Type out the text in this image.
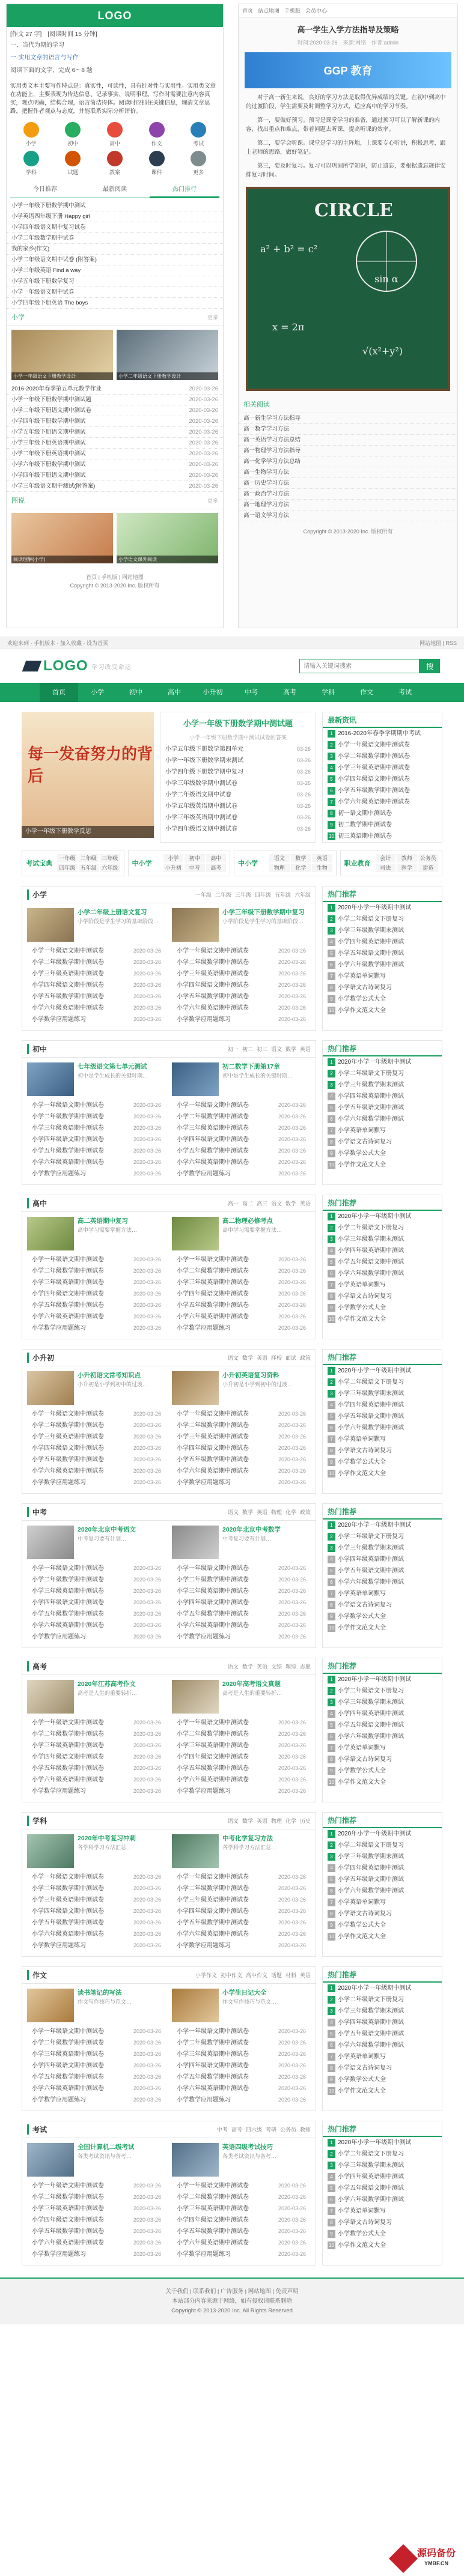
LOGO
[作文 27 字]　[阅读时间 15 分钟]
一、当代为期的学习
一·实用文章的语言与写作
阅读下面的文字，完成 6～8 题
实用类文本主要写作特点是：真实性，可读性，具有针对性与实用性。实用类文章在功能上，主要表现为传达信息、记录事实、说明事理。写作时需要注意内容真实，观点明确，结构合理，语言简洁得体。阅读时应抓住关键信息，理清文章思路，把握作者观点与态度，并能联系实际分析评价。
小学	初中	高中	作文	考试
学科	试题	教案	课件	更多
今日推荐	最新阅读	热门排行
小学一年级下册数学期中测试
小学英语四年级下册 Happy girl
小学四年级语文期中复习试卷
小学二年级数学期中试卷
我的家乡(作文)
小学二年级语文期中试卷 (附答案)
小学三年级英语 Find a way
小学五年级下册数学复习
小学一年级语文期中试卷
小学四年级下册英语 The boys
小学	更多
小学一年级语文下册教学设计	小学二年级语文下册教学设计
2016-2020年春季第五单元数学作业	2020-03-26
小学一年级下册数学期中测试题	2020-03-26
小学二年级下册语文期中测试卷	2020-03-26
小学四年级下册数学期中测试	2020-03-26
小学五年级下册语文期中测试	2020-03-26
小学三年级下册英语期中测试	2020-03-26
小学二年级下册英语期中测试	2020-03-26
小学六年级下册数学期中测试	2020-03-26
小学四年级下册语文期中测试	2020-03-26
小学三年级语文期中测试(附答案)	2020-03-26
图说	更多
阅读理解(小学)	小学语文课外阅读
首页 | 手机版 | 网站地图
Copyright © 2013-2020 Inc. 版权所有
首页 站点地图 手机版 会员中心
高一学生入学方法指导及策略
时间:2020-03-26　来源:网络　作者:admin
GGP 教育

对于高一新生来说，良好的学习方法是取得优异成绩的关键。在初中到高中的过渡阶段，学生需要及时调整学习方式，适应高中的学习节奏。

第一，要做好预习。预习是课堂学习的准备，通过预习可以了解新课的内容，找出重点和难点，带着问题去听课，提高听课的效率。

第二，要学会听课。课堂是学习的主阵地，上课要专心听讲，积极思考，跟上老师的思路，做好笔记。

第三，要及时复习。复习可以巩固所学知识，防止遗忘，要根据遗忘规律安排复习时间。

CIRCLE
a² + b² = c²
sin α
x = 2π
√(x²+y²)
相关阅读
高一新生学习方法指导
高一数学学习方法
高一英语学习方法总结
高一物理学习方法指导
高一化学学习方法总结
高一生物学习方法
高一历史学习方法
高一政治学习方法
高一地理学习方法
高一语文学习方法
Copyright © 2013-2020 Inc. 版权所有
欢迎来到 · 手机版本 · 加入收藏 · 设为首页	网站地图 | RSS
LOGO 学习改变命运
请输入关键词搜索	搜
首页	小学	初中	高中	小升初	中考	高考	学科	作文	考试
每一发奋努力的背后
小学一年级下册教学反思
小学一年级下册数学期中测试题
小学一年级下册数学期中测试试卷附答案
小学五年级下册数学第四单元	03-26
小学一年级下册数学期末测试	03-26
小学四年级下册数学期中复习	03-26
小学三年级数学期中测试卷	03-26
小学二年级语文期中试卷	03-26
小学五年级英语期中测试卷	03-26
小学三年级英语期中测试卷	03-26
小学四年级语文期中测试卷	03-26
最新资讯
1 2016-2020年春季学期期中考试
2 小学一年级语文期中测试卷
3 小学二年级数学期中测试卷
4 小学三年级英语期中测试卷
5 小学四年级语文期中测试卷
6 小学五年级数学期中测试卷
7 小学六年级英语期中测试卷
8 初一语文期中测试卷
9 初二数学期中测试卷
10 初三英语期中测试卷
考试宝典
一年级 二年级 三年级
四年级 五年级 六年级
中小学
小学	初中	高中
小升初	中考	高考
中小学
语文	数学	英语
物理	化学	生物
职业教育
会计	教师	公务员
司法	医学	建造
小学	一年级 二年级 三年级 四年级 五年级 六年级
小学二年级上册语文复习
小学阶段是学生学习的基础阶段…
小学一年级语文期中测试卷	2020-03-26
小学二年级数学期中测试卷	2020-03-26
小学三年级英语期中测试卷	2020-03-26
小学四年级语文期中测试卷	2020-03-26
小学五年级数学期中测试卷	2020-03-26
小学六年级英语期中测试卷	2020-03-26
小学数学应用题练习	2020-03-26
小学三年级下册数学期中复习
小学阶段是学生学习的基础阶段…
小学一年级语文期中测试卷	2020-03-26
小学二年级数学期中测试卷	2020-03-26
小学三年级英语期中测试卷	2020-03-26
小学四年级语文期中测试卷	2020-03-26
小学五年级数学期中测试卷	2020-03-26
小学六年级英语期中测试卷	2020-03-26
小学数学应用题练习	2020-03-26
热门推荐
1 2020年小学一年级期中测试
2 小学二年级语文下册复习
3 小学三年级数学期末测试
4 小学四年级英语期中测试
5 小学五年级语文期中测试
6 小学六年级数学期中测试
7 小学英语单词默写
8 小学语文古诗词复习
9 小学数学公式大全
10 小学作文范文大全
初中	初一 初二 初三 语文 数学 英语
七年级语文第七单元测试
初中是学生成长的关键时期…
小学一年级语文期中测试卷	2020-03-26
小学二年级数学期中测试卷	2020-03-26
小学三年级英语期中测试卷	2020-03-26
小学四年级语文期中测试卷	2020-03-26
小学五年级数学期中测试卷	2020-03-26
小学六年级英语期中测试卷	2020-03-26
小学数学应用题练习	2020-03-26
初二数学下册第17章
初中是学生成长的关键时期…
小学一年级语文期中测试卷	2020-03-26
小学二年级数学期中测试卷	2020-03-26
小学三年级英语期中测试卷	2020-03-26
小学四年级语文期中测试卷	2020-03-26
小学五年级数学期中测试卷	2020-03-26
小学六年级英语期中测试卷	2020-03-26
小学数学应用题练习	2020-03-26
热门推荐
1 2020年小学一年级期中测试
2 小学二年级语文下册复习
3 小学三年级数学期末测试
4 小学四年级英语期中测试
5 小学五年级语文期中测试
6 小学六年级数学期中测试
7 小学英语单词默写
8 小学语文古诗词复习
9 小学数学公式大全
10 小学作文范文大全
高中	高一 高二 高三 语文 数学 英语
高二英语期中复习
高中学习需要掌握方法…
小学一年级语文期中测试卷	2020-03-26
小学二年级数学期中测试卷	2020-03-26
小学三年级英语期中测试卷	2020-03-26
小学四年级语文期中测试卷	2020-03-26
小学五年级数学期中测试卷	2020-03-26
小学六年级英语期中测试卷	2020-03-26
小学数学应用题练习	2020-03-26
高二物理必修考点
高中学习需要掌握方法…
小学一年级语文期中测试卷	2020-03-26
小学二年级数学期中测试卷	2020-03-26
小学三年级英语期中测试卷	2020-03-26
小学四年级语文期中测试卷	2020-03-26
小学五年级数学期中测试卷	2020-03-26
小学六年级英语期中测试卷	2020-03-26
小学数学应用题练习	2020-03-26
热门推荐
1 2020年小学一年级期中测试
2 小学二年级语文下册复习
3 小学三年级数学期末测试
4 小学四年级英语期中测试
5 小学五年级语文期中测试
6 小学六年级数学期中测试
7 小学英语单词默写
8 小学语文古诗词复习
9 小学数学公式大全
10 小学作文范文大全
小升初	语文 数学 英语 择校 面试 政策
小升初语文常考知识点
小升初是小学到初中的过渡…
小学一年级语文期中测试卷	2020-03-26
小学二年级数学期中测试卷	2020-03-26
小学三年级英语期中测试卷	2020-03-26
小学四年级语文期中测试卷	2020-03-26
小学五年级数学期中测试卷	2020-03-26
小学六年级英语期中测试卷	2020-03-26
小学数学应用题练习	2020-03-26
小升初英语复习资料
小升初是小学到初中的过渡…
小学一年级语文期中测试卷	2020-03-26
小学二年级数学期中测试卷	2020-03-26
小学三年级英语期中测试卷	2020-03-26
小学四年级语文期中测试卷	2020-03-26
小学五年级数学期中测试卷	2020-03-26
小学六年级英语期中测试卷	2020-03-26
小学数学应用题练习	2020-03-26
热门推荐
1 2020年小学一年级期中测试
2 小学二年级语文下册复习
3 小学三年级数学期末测试
4 小学四年级英语期中测试
5 小学五年级语文期中测试
6 小学六年级数学期中测试
7 小学英语单词默写
8 小学语文古诗词复习
9 小学数学公式大全
10 小学作文范文大全
中考	语文 数学 英语 物理 化学 政策
2020年北京中考语文
中考复习要有计划…
小学一年级语文期中测试卷	2020-03-26
小学二年级数学期中测试卷	2020-03-26
小学三年级英语期中测试卷	2020-03-26
小学四年级语文期中测试卷	2020-03-26
小学五年级数学期中测试卷	2020-03-26
小学六年级英语期中测试卷	2020-03-26
小学数学应用题练习	2020-03-26
2020年北京中考数学
中考复习要有计划…
小学一年级语文期中测试卷	2020-03-26
小学二年级数学期中测试卷	2020-03-26
小学三年级英语期中测试卷	2020-03-26
小学四年级语文期中测试卷	2020-03-26
小学五年级数学期中测试卷	2020-03-26
小学六年级英语期中测试卷	2020-03-26
小学数学应用题练习	2020-03-26
热门推荐
1 2020年小学一年级期中测试
2 小学二年级语文下册复习
3 小学三年级数学期末测试
4 小学四年级英语期中测试
5 小学五年级语文期中测试
6 小学六年级数学期中测试
7 小学英语单词默写
8 小学语文古诗词复习
9 小学数学公式大全
10 小学作文范文大全
高考	语文 数学 英语 文综 理综 志愿
2020年江苏高考作文
高考是人生的重要转折…
小学一年级语文期中测试卷	2020-03-26
小学二年级数学期中测试卷	2020-03-26
小学三年级英语期中测试卷	2020-03-26
小学四年级语文期中测试卷	2020-03-26
小学五年级数学期中测试卷	2020-03-26
小学六年级英语期中测试卷	2020-03-26
小学数学应用题练习	2020-03-26
2020年高考语文真题
高考是人生的重要转折…
小学一年级语文期中测试卷	2020-03-26
小学二年级数学期中测试卷	2020-03-26
小学三年级英语期中测试卷	2020-03-26
小学四年级语文期中测试卷	2020-03-26
小学五年级数学期中测试卷	2020-03-26
小学六年级英语期中测试卷	2020-03-26
小学数学应用题练习	2020-03-26
热门推荐
1 2020年小学一年级期中测试
2 小学二年级语文下册复习
3 小学三年级数学期末测试
4 小学四年级英语期中测试
5 小学五年级语文期中测试
6 小学六年级数学期中测试
7 小学英语单词默写
8 小学语文古诗词复习
9 小学数学公式大全
10 小学作文范文大全
学科	语文 数学 英语 物理 化学 历史
2020年中考复习冲刺
各学科学习方法汇总…
小学一年级语文期中测试卷	2020-03-26
小学二年级数学期中测试卷	2020-03-26
小学三年级英语期中测试卷	2020-03-26
小学四年级语文期中测试卷	2020-03-26
小学五年级数学期中测试卷	2020-03-26
小学六年级英语期中测试卷	2020-03-26
小学数学应用题练习	2020-03-26
中考化学复习方法
各学科学习方法汇总…
小学一年级语文期中测试卷	2020-03-26
小学二年级数学期中测试卷	2020-03-26
小学三年级英语期中测试卷	2020-03-26
小学四年级语文期中测试卷	2020-03-26
小学五年级数学期中测试卷	2020-03-26
小学六年级英语期中测试卷	2020-03-26
小学数学应用题练习	2020-03-26
热门推荐
1 2020年小学一年级期中测试
2 小学二年级语文下册复习
3 小学三年级数学期末测试
4 小学四年级英语期中测试
5 小学五年级语文期中测试
6 小学六年级数学期中测试
7 小学英语单词默写
8 小学语文古诗词复习
9 小学数学公式大全
10 小学作文范文大全
作文	小学作文 初中作文 高中作文 话题 材料 英语
读书笔记的写法
作文写作技巧与范文…
小学一年级语文期中测试卷	2020-03-26
小学二年级数学期中测试卷	2020-03-26
小学三年级英语期中测试卷	2020-03-26
小学四年级语文期中测试卷	2020-03-26
小学五年级数学期中测试卷	2020-03-26
小学六年级英语期中测试卷	2020-03-26
小学数学应用题练习	2020-03-26
小学生日记大全
作文写作技巧与范文…
小学一年级语文期中测试卷	2020-03-26
小学二年级数学期中测试卷	2020-03-26
小学三年级英语期中测试卷	2020-03-26
小学四年级语文期中测试卷	2020-03-26
小学五年级数学期中测试卷	2020-03-26
小学六年级英语期中测试卷	2020-03-26
小学数学应用题练习	2020-03-26
热门推荐
1 2020年小学一年级期中测试
2 小学二年级语文下册复习
3 小学三年级数学期末测试
4 小学四年级英语期中测试
5 小学五年级语文期中测试
6 小学六年级数学期中测试
7 小学英语单词默写
8 小学语文古诗词复习
9 小学数学公式大全
10 小学作文范文大全
考试	中考 高考 四六级 考研 公务员 教师
全国计算机二级考试
各类考试资讯与备考…
小学一年级语文期中测试卷	2020-03-26
小学二年级数学期中测试卷	2020-03-26
小学三年级英语期中测试卷	2020-03-26
小学四年级语文期中测试卷	2020-03-26
小学五年级数学期中测试卷	2020-03-26
小学六年级英语期中测试卷	2020-03-26
小学数学应用题练习	2020-03-26
英语四级考试技巧
各类考试资讯与备考…
小学一年级语文期中测试卷	2020-03-26
小学二年级数学期中测试卷	2020-03-26
小学三年级英语期中测试卷	2020-03-26
小学四年级语文期中测试卷	2020-03-26
小学五年级数学期中测试卷	2020-03-26
小学六年级英语期中测试卷	2020-03-26
小学数学应用题练习	2020-03-26
热门推荐
1 2020年小学一年级期中测试
2 小学二年级语文下册复习
3 小学三年级数学期末测试
4 小学四年级英语期中测试
5 小学五年级语文期中测试
6 小学六年级数学期中测试
7 小学英语单词默写
8 小学语文古诗词复习
9 小学数学公式大全
10 小学作文范文大全
关于我们 | 联系我们 | 广告服务 | 网站地图 | 免责声明
本站部分内容来源于网络，如有侵权请联系删除
Copyright © 2013-2020 Inc. All Rights Reserved
源码备份
YMBF.CN
